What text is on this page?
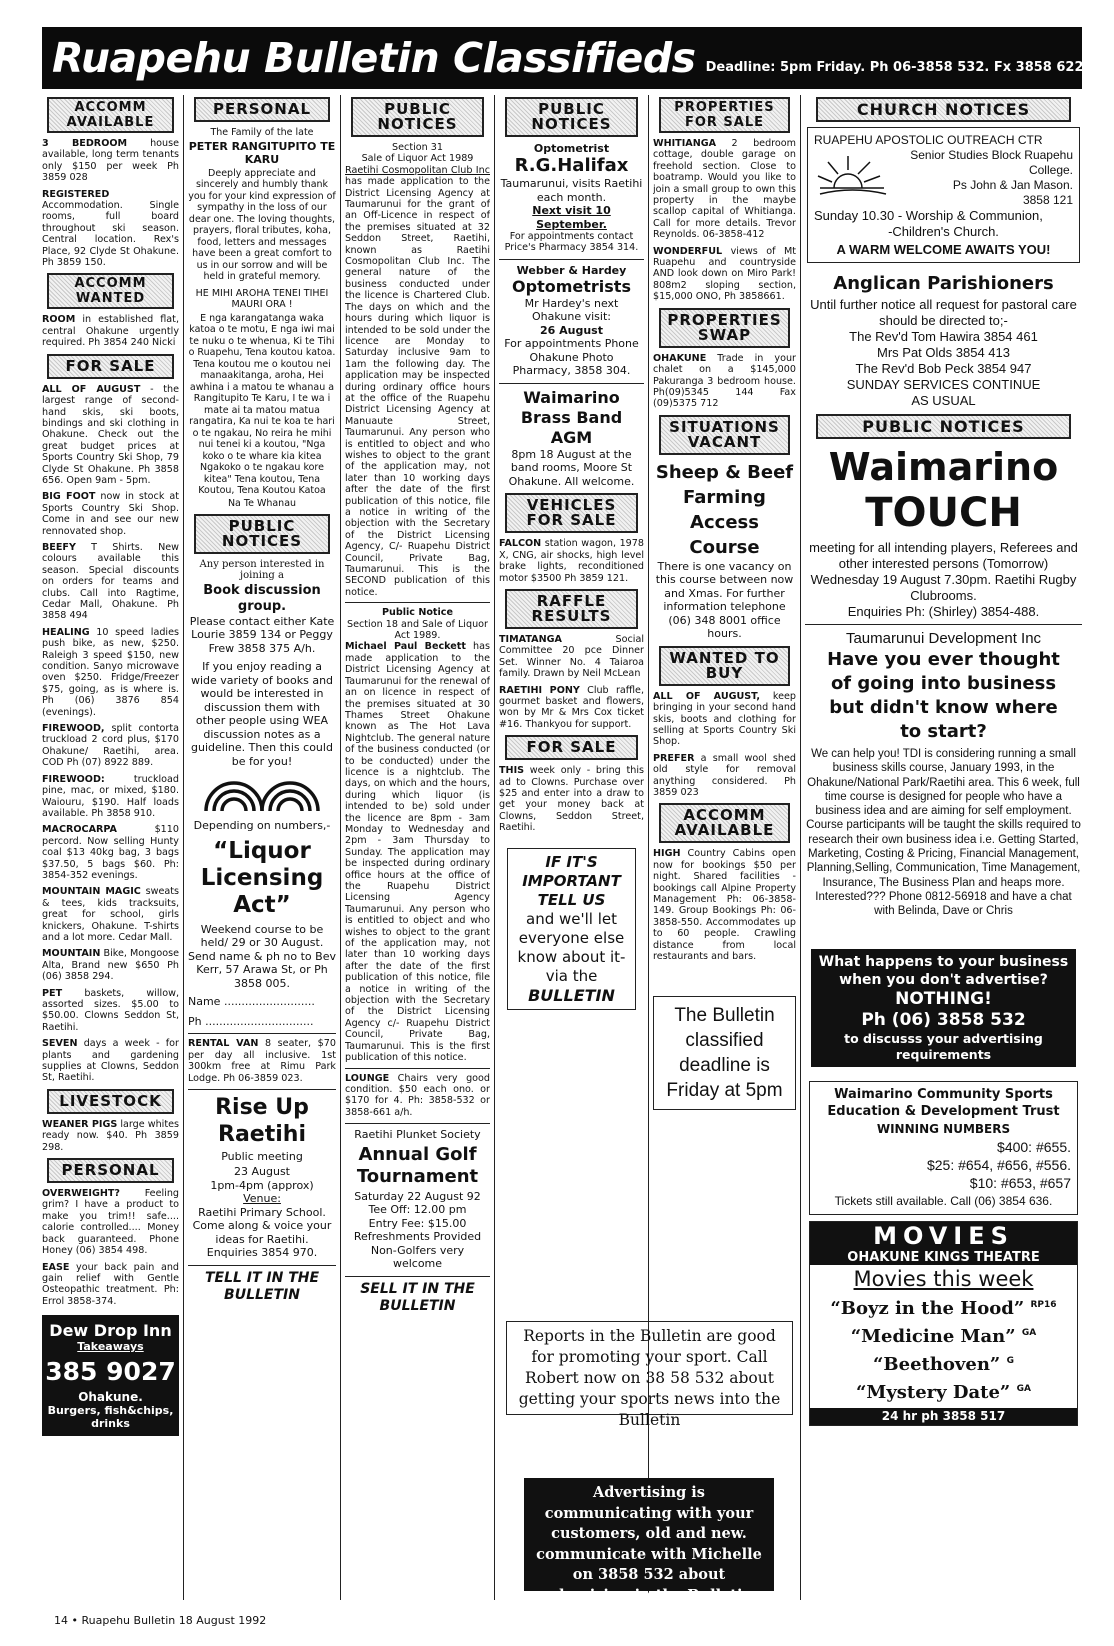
Ruapehu Bulletin Classifieds Deadline: 5pm Friday. Ph 06-3858 532. Fx 3858 622
ACCOMM AVAILABLE
3 BEDROOM house available, long term tenants only $150 per week Ph 3859 028
REGISTERED Accommodation. Single rooms, full board throughout ski season. Central location. Rex's Place, 92 Clyde St Ohakune. Ph 3859 150.
ACCOMM WANTED
ROOM in established flat, central Ohakune urgently required. Ph 3854 240 Nicki
FOR SALE
ALL OF AUGUST - the largest range of second-hand skis, ski boots, bindings and ski clothing in Ohakune. Check out the great budget prices at Sports Country Ski Shop, 79 Clyde St Ohakune. Ph 3858 656. Open 9am - 5pm.
BIG FOOT now in stock at Sports Country Ski Shop. Come in and see our new rennovated shop.
BEEFY T Shirts. New colours available this season. Special discounts on orders for teams and clubs. Call into Ragtime, Cedar Mall, Ohakune. Ph 3858 494
HEALING 10 speed ladies push bike, as new, $250. Raleigh 3 speed $150, new condition. Sanyo microwave oven $250. Fridge/Freezer $75, going, as is where is. Ph (06) 3876 854 (evenings).
FIREWOOD, split contorta truckload 2 cord plus, $170 Ohakune/ Raetihi, area. COD Ph (07) 8922 889.
FIREWOOD: truckload pine, mac, or mixed, $180. Waiouru, $190. Half loads available. Ph 3858 910.
MACROCARPA $110 percord. Now selling Hunty coal $13 40kg bag, 3 bags $37.50, 5 bags $60. Ph: 3854-352 evenings.
MOUNTAIN MAGIC sweats & tees, kids tracksuits, great for school, girls knickers, Ohakune. T-shirts and a lot more. Cedar Mall.
MOUNTAIN Bike, Mongoose Alta, Brand new $650 Ph (06) 3858 294.
PET baskets, willow, assorted sizes. $5.00 to $50.00. Clowns Seddon St, Raetihi.
SEVEN days a week - for plants and gardening supplies at Clowns, Seddon St, Raetihi.
LIVESTOCK
WEANER PIGS large whites ready now. $40. Ph 3859 298.
PERSONAL
OVERWEIGHT? Feeling grim? I have a product to make you trim!! safe.... calorie controlled.... Money back guaranteed. Phone Honey (06) 3854 498.
EASE your back pain and gain relief with Gentle Osteopathic treatment. Ph: Errol 3858-374.
Dew Drop Inn
Takeaways
385 9027
Ohakune.
Burgers, fish&chips, drinks
PERSONAL
The Family of the late
PETER RANGITUPITO TE KARU
Deeply appreciate and sincerely and humbly thank you for your kind expression of sympathy in the loss of our dear one. The loving thoughts, prayers, floral tributes, koha, food, letters and messages have been a great comfort to us in our sorrow and will be held in grateful memory.
HE MIHI AROHA TENEI TIHEI MAURI ORA !
E nga karangatanga waka katoa o te motu, E nga iwi mai te nuku o te whenua, Ki te Tihi o Ruapehu, Tena koutou katoa. Tena koutou me o koutou nei manaakitanga, aroha, Hei awhina i a matou te whanau a Rangitupito Te Karu, I te wa i mate ai ta matou matua rangatira, Ka nui te koa te hari o te ngakau, No reira he mihi nui tenei ki a koutou, "Nga koko o te whare kia kitea Ngakoko o te ngakau kore kitea" Tena koutou, Tena Koutou, Tena Koutou Katoa
Na Te Whanau
PUBLIC NOTICES
Any person interested in joining a
Book discussion group.
Please contact either Kate Lourie 3859 134 or Peggy Frew 3858 375 A/h.
If you enjoy reading a wide variety of books and would be interested in discussion them with other people using WEA discussion notes as a guideline. Then this could be for you!
Depending on numbers,-
“Liquor Licensing Act”
Weekend course to be held/ 29 or 30 August. Send name & ph no to Bev Kerr, 57 Arawa St, or Ph 3858 005.
Name ..........................
Ph ...............................
RENTAL VAN 8 seater, $70 per day all inclusive. 1st 300km free at Rimu Park Lodge. Ph 06-3859 023.
Rise Up Raetihi
Public meeting
23 August
1pm-4pm (approx)
Venue:
Raetihi Primary School.
Come along & voice your ideas for Raetihi.
Enquiries 3854 970.
TELL IT IN THE BULLETIN
PUBLIC NOTICES
Section 31
Sale of Liquor Act 1989
Raetihi Cosmopolitan Club Inc has made application to the District Licensing Agency at Taumarunui for the grant of an Off-Licence in respect of the premises situated at 32 Seddon Street, Raetihi, known as Raetihi Cosmopolitan Club Inc. The general nature of the business conducted under the licence is Chartered Club. The days on which and the hours during which liquor is intended to be sold under the licence are Monday to Saturday inclusive 9am to 1am the following day. The application may be inspected during ordinary office hours at the office of the Ruapehu District Licensing Agency at Manuaute Street, Taumarunui. Any person who is entitled to object and who wishes to object to the grant of the application may, not later than 10 working days after the date of the first publication of this notice, file a notice in writing of the objection with the Secretary of the District Licensing Agency, C/- Ruapehu District Council, Private Bag, Taumarunui. This is the SECOND publication of this notice.
Public Notice
Section 18 and Sale of Liquor Act 1989.
Michael Paul Beckett has made application to the District Licensing Agency at Taumarunui for the renewal of an on licence in respect of the premises situated at 30 Thames Street Ohakune known as The Hot Lava Nightclub. The general nature of the business conducted (or to be conducted) under the licence is a nightclub. The days, on which and the hours, during which liquor (is intended to be) sold under the licence are 8pm - 3am Monday to Wednesday and 2pm - 3am Thursday to Sunday. The application may be inspected during ordinary office hours at the office of the Ruapehu District Licensing Agency Taumarunui. Any person who is entitled to object and who wishes to object to the grant of the application may, not later than 10 working days after the date of the first publication of this notice, file a notice in writing of the objection with the Secretary of the District Licensing Agency c/- Ruapehu District Council, Private Bag, Taumarunui. This is the first publication of this notice.
LOUNGE Chairs very good condition. $50 each ono. or $170 for 4. Ph: 3858-532 or 3858-661 a/h.
Raetihi Plunket Society
Annual Golf Tournament
Saturday 22 August 92
Tee Off: 12.00 pm
Entry Fee: $15.00
Refreshments Provided
Non-Golfers very welcome
SELL IT IN THE BULLETIN
PUBLIC NOTICES
Optometrist
R.G.Halifax
Taumarunui, visits Raetihi each month.
Next visit 10 September.
For appointments contact Price's Pharmacy 3854 314.
Webber & Hardey
Optometrists
Mr Hardey's next Ohakune visit:
26 August
For appointments Phone Ohakune Photo Pharmacy, 3858 304.
Waimarino Brass Band AGM
8pm 18 August at the band rooms, Moore St Ohakune. All welcome.
VEHICLES FOR SALE
FALCON station wagon, 1978 X, CNG, air shocks, high level brake lights, reconditioned motor $3500 Ph 3859 121.
RAFFLE RESULTS
TIMATANGA Social Committee 20 pce Dinner Set. Winner No. 4 Taiaroa family. Drawn by Neil McLean
RAETIHI PONY Club raffle, gourmet basket and flowers, won by Mr & Mrs Cox ticket #16. Thankyou for support.
FOR SALE
THIS week only - bring this ad to Clowns. Purchase over $25 and enter into a draw to get your money back at Clowns, Seddon Street, Raetihi.
IF IT'S IMPORTANT TELL US
and we'll let everyone else know about it-
via the
BULLETIN
PROPERTIES FOR SALE
WHITIANGA 2 bedroom cottage, double garage on freehold section. Close to boatramp. Would you like to join a small group to own this property in the maybe scallop capital of Whitianga. Call for more details. Trevor Reynolds. 06-3858-412
WONDERFUL views of Mt Ruapehu and countryside AND look down on Miro Park! 808m2 sloping section, $15,000 ONO, Ph 3858661.
PROPERTIES SWAP
OHAKUNE Trade in your chalet on a $145,000 Pakuranga 3 bedroom house. Ph(09)5345 144 Fax (09)5375 712
SITUATIONS VACANT
Sheep & Beef Farming Access Course
There is one vacancy on this course between now and Xmas. For further information telephone (06) 348 8001 office hours.
WANTED TO BUY
ALL OF AUGUST, keep bringing in your second hand skis, boots and clothing for selling at Sports Country Ski Shop.
PREFER a small wool shed old style for removal anything considered. Ph 3859 023
ACCOMM AVAILABLE
HIGH Country Cabins open now for bookings $50 per night. Shared facilities - bookings call Alpine Property Management Ph: 06-3858-149. Group Bookings Ph: 06-3858-550. Accommodates up to 60 people. Crawling distance from local restaurants and bars.
The Bulletin classified deadline is Friday at 5pm
Reports in the Bulletin are good for promoting your sport. Call Robert now on 38 58 532 about getting your sports news into the Bulletin
Advertising is communicating with your customers, old and new. communicate with Michelle on 3858 532 about adverising in the Bulletin
CHURCH NOTICES
RUAPEHU APOSTOLIC OUTREACH CTR
Senior Studies Block Ruapehu College.
Ps John & Jan Mason.
3858 121
Sunday 10.30 - Worship & Communion,
-Children's Church.
A WARM WELCOME AWAITS YOU!
Anglican Parishioners
Until further notice all request for pastoral care should be directed to;-
The Rev'd Tom Hawira 3854 461
Mrs Pat Olds 3854 413
The Rev'd Bob Peck 3854 947
SUNDAY SERVICES CONTINUE
AS USUAL
PUBLIC NOTICES
Waimarino
TOUCH
meeting for all intending players, Referees and other interested persons (Tomorrow) Wednesday 19 August 7.30pm. Raetihi Rugby Clubrooms.
Enquiries Ph: (Shirley) 3854-488.
Taumarunui Development Inc
Have you ever thought of going into business but didn't know where to start?
We can help you! TDI is considering running a small business skills course, January 1993, in the Ohakune/National Park/Raetihi area. This 6 week, full time course is designed for people who have a business idea and are aiming for self employment. Course participants will be taught the skills required to research their own business idea i.e. Getting Started, Marketing, Costing & Pricing, Financial Management, Planning,Selling, Communication, Time Management, Insurance, The Business Plan and heaps more. Interested??? Phone 0812-56918 and have a chat with Belinda, Dave or Chris
What happens to your business when you don't advertise?
NOTHING!
Ph (06) 3858 532
to discusss your advertising requirements
Waimarino Community Sports Education & Development Trust
WINNING NUMBERS
$400: #655.
$25: #654, #656, #556.
$10: #653, #657
Tickets still available. Call (06) 3854 636.
MOVIES
OHAKUNE KINGS THEATRE
Movies this week
“Boyz in the Hood” $^{RP16}$
“Medicine Man” $^{GA}$
“Beethoven” $^G$
“Mystery Date” $^{GA}$
24 hr ph 3858 517
14 • Ruapehu Bulletin 18 August 1992
